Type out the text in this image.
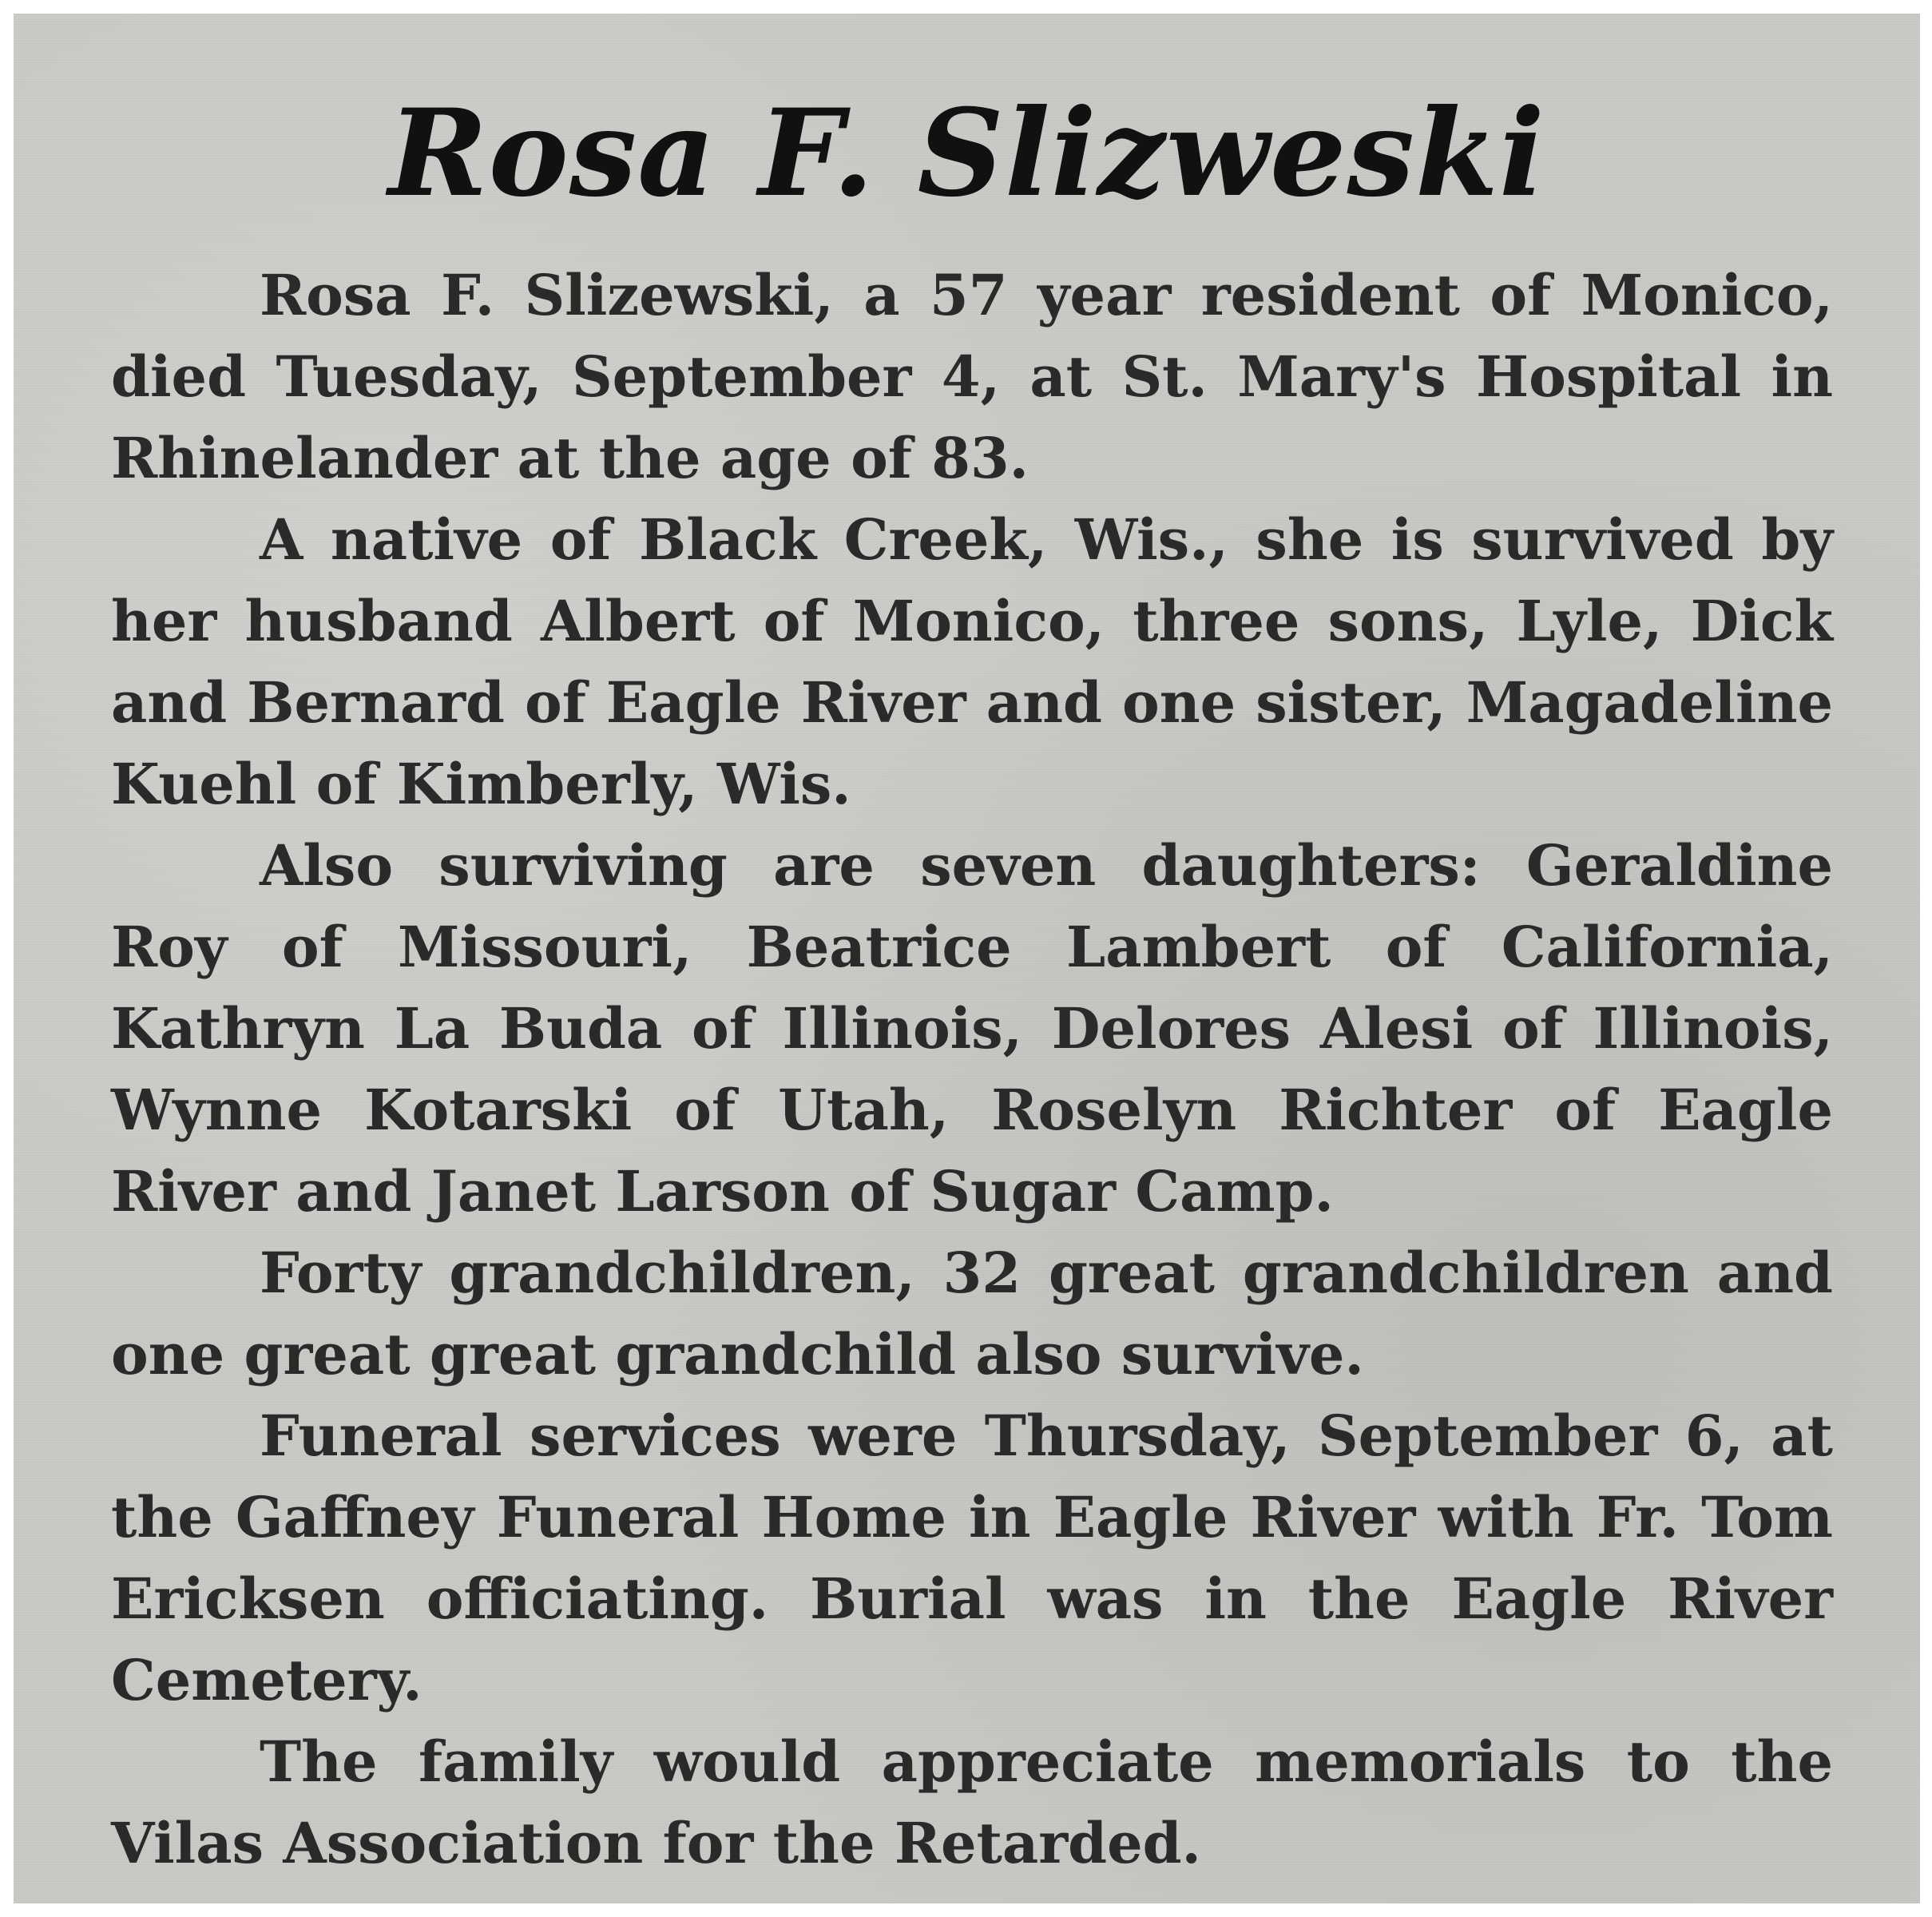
Rosa F. Slizweski

Rosa F. Slizewski, a 57 year resident of Monico, died Tuesday, September 4, at St. Mary's Hospital in Rhinelander at the age of 83.

A native of Black Creek, Wis., she is survived by her husband Albert of Monico, three sons, Lyle, Dick and Bernard of Eagle River and one sister, Magadeline Kuehl of Kimberly, Wis.

Also surviving are seven daughters: Geraldine Roy of Missouri, Beatrice Lambert of California, Kathryn La Buda of Illinois, Delores Alesi of Illinois, Wynne Kotarski of Utah, Roselyn Richter of Eagle River and Janet Larson of Sugar Camp.

Forty grandchildren, 32 great grandchildren and one great great grandchild also survive.

Funeral services were Thursday, September 6, at the Gaffney Funeral Home in Eagle River with Fr. Tom Ericksen officiating. Burial was in the Eagle River Cemetery.

The family would appreciate memorials to the Vilas Association for the Retarded.
